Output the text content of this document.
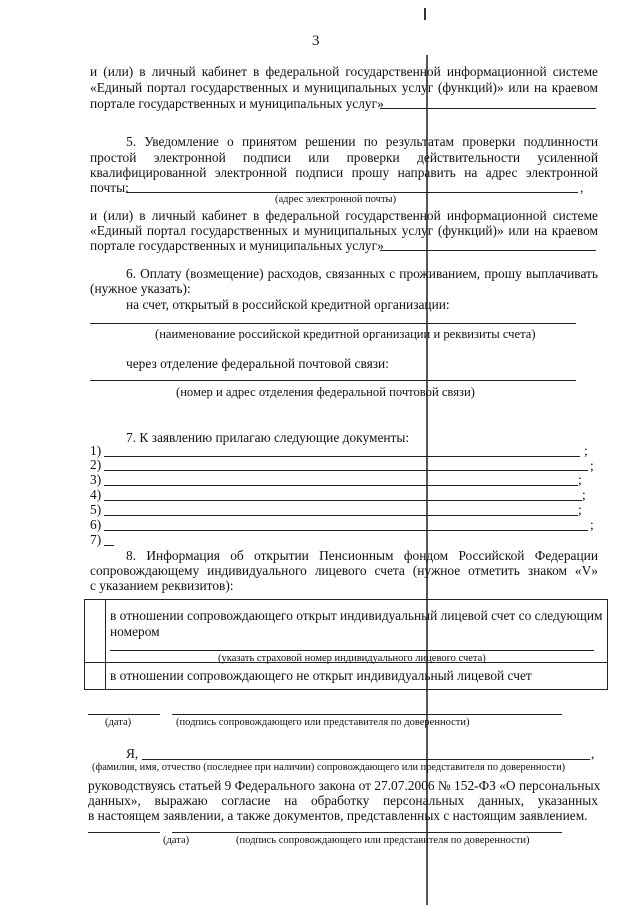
3
и (или) в личный кабинет в федеральной государственной информационной системе
«Единый портал государственных и муниципальных услуг (функций)» или на краевом
портале государственных и муниципальных услуг»
5. Уведомление о принятом решении по результатам проверки подлинности
простой электронной подписи или проверки действительности усиленной
квалифицированной электронной подписи прошу направить на адрес электронной
почты:	,
(адрес электронной почты)
и (или) в личный кабинет в федеральной государственной информационной системе
«Единый портал государственных и муниципальных услуг (функций)» или на краевом
портале государственных и муниципальных услуг»
6. Оплату (возмещение) расходов, связанных с проживанием, прошу выплачивать
(нужное указать):
на счет, открытый в российской кредитной организации:
(наименование российской кредитной организации и реквизиты счета)
через отделение федеральной почтовой связи:
(номер и адрес отделения федеральной почтовой связи)
7. К заявлению прилагаю следующие документы:
1)	;
2)	;
3)	;
4)	;
5)	;
6)	;
7)
8. Информация об открытии Пенсионным фондом Российской Федерации
сопровождающему индивидуального лицевого счета (нужное отметить знаком «V»
с указанием реквизитов):
в отношении сопровождающего открыт индивидуальный лицевой счет со следующим
номером
(указать страховой номер индивидуального лицевого счета)
в отношении сопровождающего не открыт индивидуальный лицевой счет
(дата)	(подпись сопровождающего или представителя по доверенности)
Я,	,
(фамилия, имя, отчество (последнее при наличии) сопровождающего или представителя по доверенности)
руководствуясь статьей 9 Федерального закона от 27.07.2006 № 152-ФЗ «О персональных
данных», выражаю согласие на обработку персональных данных, указанных
в настоящем заявлении, а также документов, представленных с настоящим заявлением.
(дата)	(подпись сопровождающего или представителя по доверенности)
